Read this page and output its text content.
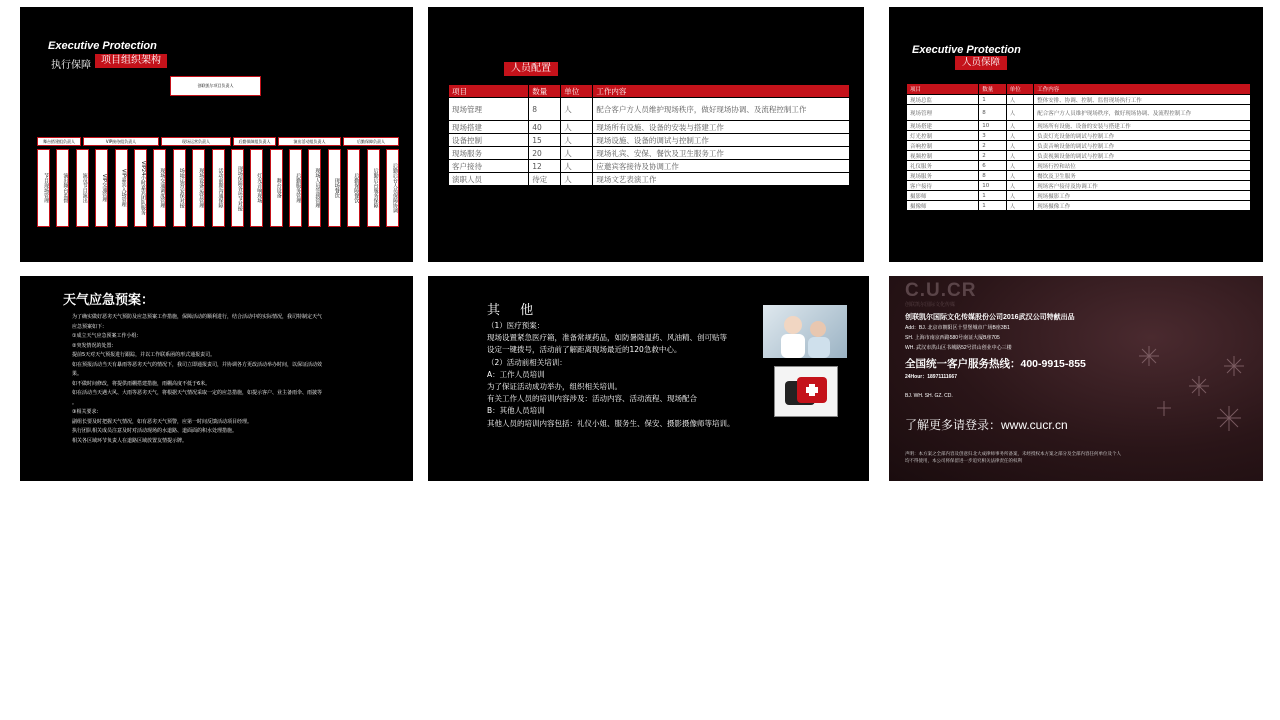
Executive Protection
执行保障	项目组织架构
创联凯尔项目负责人
舞台搭建组负责人	VIP接待组负责人	现场运营负责人	后勤保障组负责人	演出活动组负责人	后勤保障负责人
节目现场管理	演出舞台监督	演员节目演出	VIP交通管理	VIP嘉宾入场管理	VIP24小时嘉宾团队服务	现场交通调度管理	场地运营安保对接	现场设备运营管理	活动前期沟通保障	现场保障各环节对接	灯光音响现场	舞台设备	后勤服务管理	现场人员签到管理	现场餐饮	后勤保障餐饮	后勤后台服务保障	后勤后台人员保障协调
人员配置
项目	数量	单位	工作内容
现场管理	8	人	配合客户方人员维护现场秩序，做好现场协调、及流程控制工作
现场搭建	40	人	现场所有设施、设备的安装与搭建工作
设备控制	15	人	现场设施、设备的调试与控制工作
现场服务	20	人	现场礼宾、安保、餐饮及卫生服务工作
客户接待	12	人	应邀宾客接待及协调工作
演职人员	待定	人	现场文艺表演工作
Executive Protection
人员保障
项目	数量	单位	工作内容
现场总监	1	人	整体安排、协调、控制、监督现场执行工作
现场管理	8	人	配合客户方人员维护现场秩序，做好现场协调、及流程控制工作
现场搭建	10	人	现场所有设施、设备的安装与搭建工作
灯光控制	3	人	负责灯光设备的调试与控制工作
音响控制	2	人	负责音响设备的调试与控制工作
视频控制	2	人	负责视频设备的调试与控制工作
礼仪服务	6	人	现场行控和站位
现场服务	8	人	餐饮及卫生服务
客户接待	10	人	现场客户接待及协调工作
摄影师	1	人	现场摄影工作
摄像师	1	人	现场摄像工作
天气应急预案：
为了确实做好恶劣天气预防及应急预案工作措施，保障活动的顺利进行，结合活动中的实际情况，我司特制定天气
应急预案如下：
①成立天气应急预案工作小组：
②突发情况的处置：
提前5天对天气预报进行跟踪，并以工作联系函的形式通报责司。
如在预报活动当天有暴雨等恶劣天气的情况下，我司立即通报责司，并协调各方更改活动举办时间，以保证活动效
果。
如不做时间修改，将提供雨棚搭建措施，雨棚高度不低于6米。
如在活动当天遇大风、大雨等恶劣天气，将根据天气情况采取一定的应急措施，如提示客户、业主备雨伞、雨披等
。
③相关要求：
副组长要及时把握天气情况，如有恶劣天气预警，应第一时间反馈活动项目经理。
执行团队相关成员注意及时对活动现场的水道路、道面面的积水处理措施。
相关各区域环节负责人在道路区域放置友情提示牌。
其 他
（1）医疗预案：
现场设置紧急医疗箱，准备常规药品，如防暑降温药、风油精、创可贴等
设定一键拨号，活动前了解距离现场最近的120急救中心。
（2）活动前相关培训：
A：工作人员培训
为了保证活动成功举办，组织相关培训。
有关工作人员的培训内容涉及：活动内容、活动流程、现场配合
B：其他人员培训
其他人员的培训内容包括：礼仪小姐、服务生、保安、摄影摄像师等培训。
C.U.CR
创联凯尔国际文化传媒
创联凯尔国际文化传媒股份公司2016武汉公司特献出品
Add：BJ. 北京市朝阳区十里堡城市广场B座3B1
SH. 上海市南京西路580号南证大厦B座705
WH. 武汉市洪山区书城路52号洪山创业中心三楼
全国统一客户服务热线：400-9915-855
24Hour：18971111667
BJ. WH. SH. GZ. CD.
了解更多请登录：www.cucr.cn
声明：本方案之全部内容及创意归北大成律师事务所备案，未经授权本方案之部分及全部内容任何单位及个人
均不得使用，本公司将保留进一步追究相关法律责任的权利
